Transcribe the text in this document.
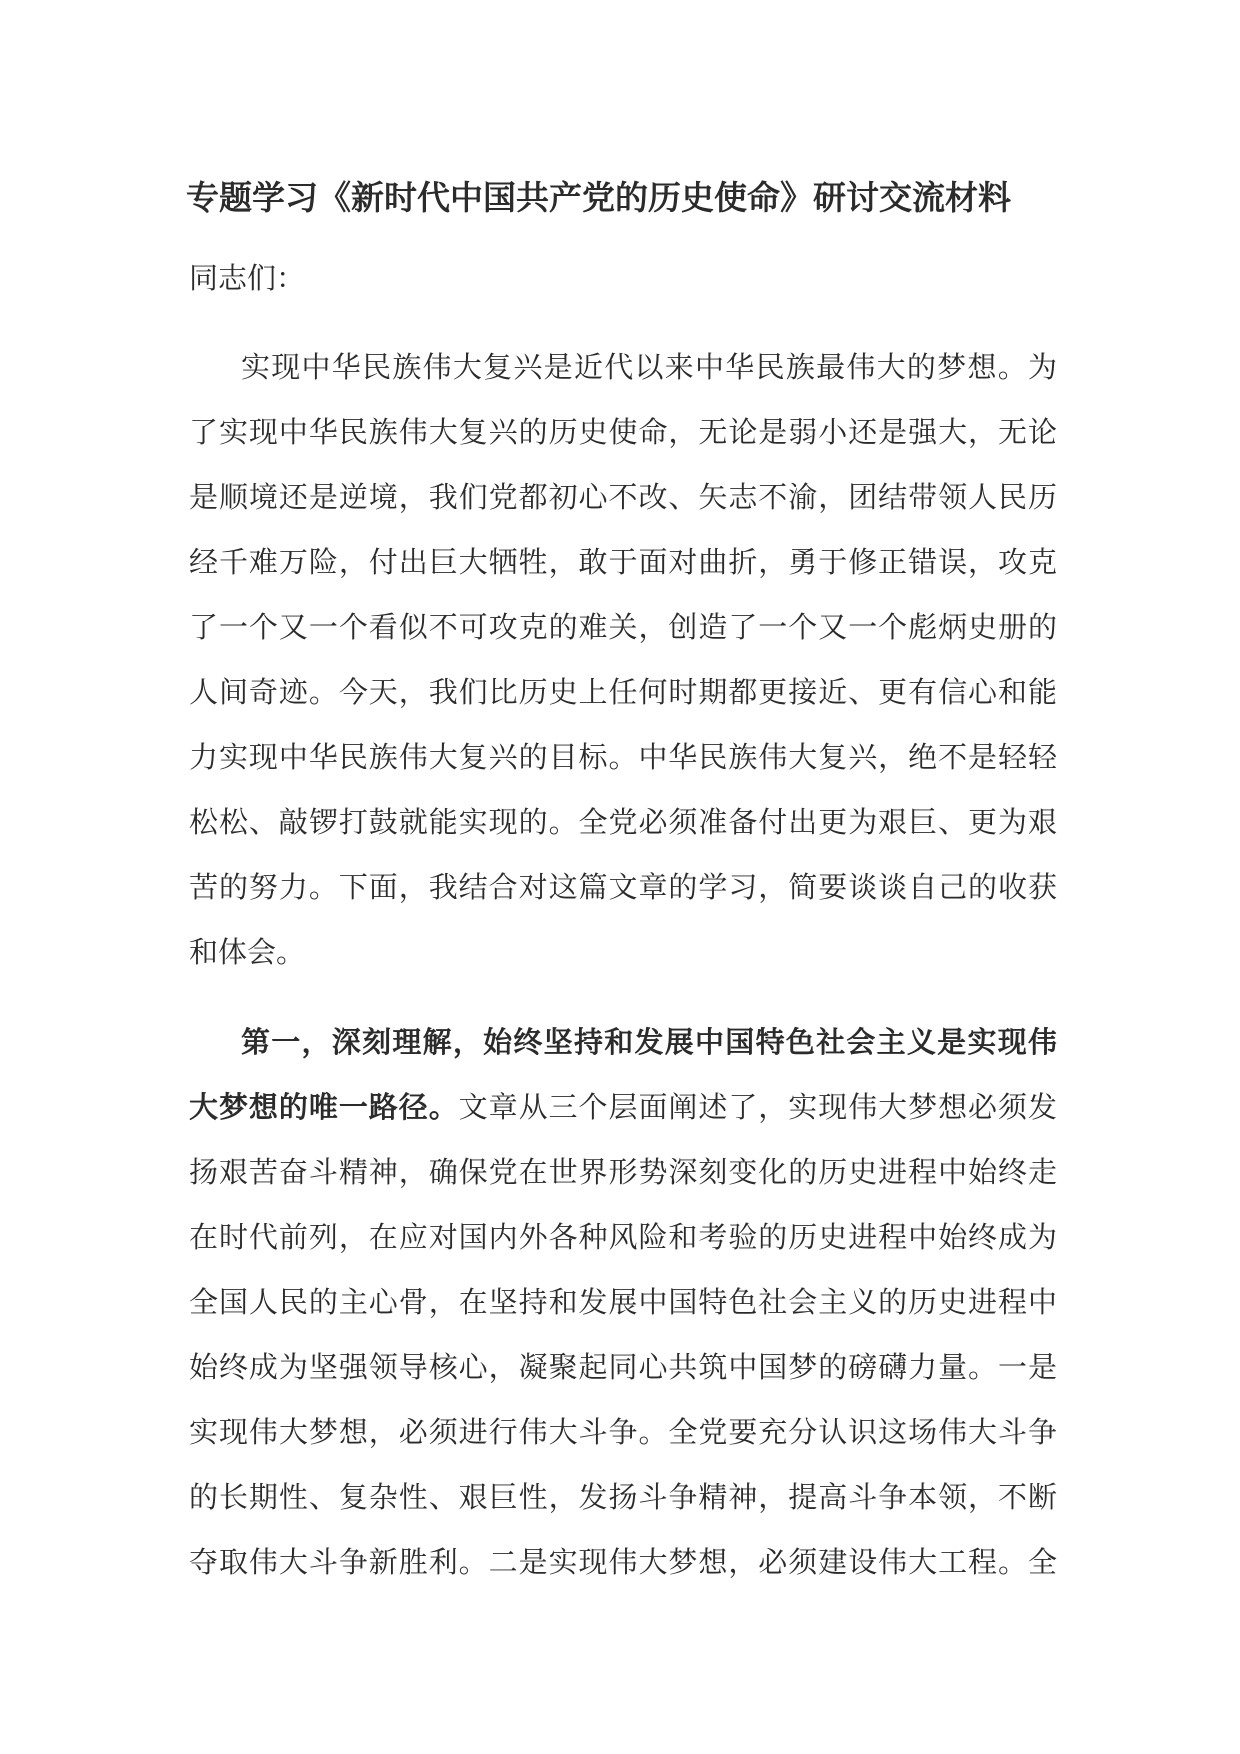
专题学习《新时代中国共产党的历史使命》研讨交流材料

同志们：

实现中华民族伟大复兴是近代以来中华民族最伟大的梦想。为
了实现中华民族伟大复兴的历史使命，无论是弱小还是强大，无论
是顺境还是逆境，我们党都初心不改、矢志不渝，团结带领人民历
经千难万险，付出巨大牺牲，敢于面对曲折，勇于修正错误，攻克
了一个又一个看似不可攻克的难关，创造了一个又一个彪炳史册的
人间奇迹。今天，我们比历史上任何时期都更接近、更有信心和能
力实现中华民族伟大复兴的目标。中华民族伟大复兴，绝不是轻轻
松松、敲锣打鼓就能实现的。全党必须准备付出更为艰巨、更为艰
苦的努力。下面，我结合对这篇文章的学习，简要谈谈自己的收获
和体会。
第一，深刻理解，始终坚持和发展中国特色社会主义是实现伟
大梦想的唯一路径。文章从三个层面阐述了，实现伟大梦想必须发
扬艰苦奋斗精神，确保党在世界形势深刻变化的历史进程中始终走
在时代前列，在应对国内外各种风险和考验的历史进程中始终成为
全国人民的主心骨，在坚持和发展中国特色社会主义的历史进程中
始终成为坚强领导核心，凝聚起同心共筑中国梦的磅礴力量。一是
实现伟大梦想，必须进行伟大斗争。全党要充分认识这场伟大斗争
的长期性、复杂性、艰巨性，发扬斗争精神，提高斗争本领，不断
夺取伟大斗争新胜利。二是实现伟大梦想，必须建设伟大工程。全
